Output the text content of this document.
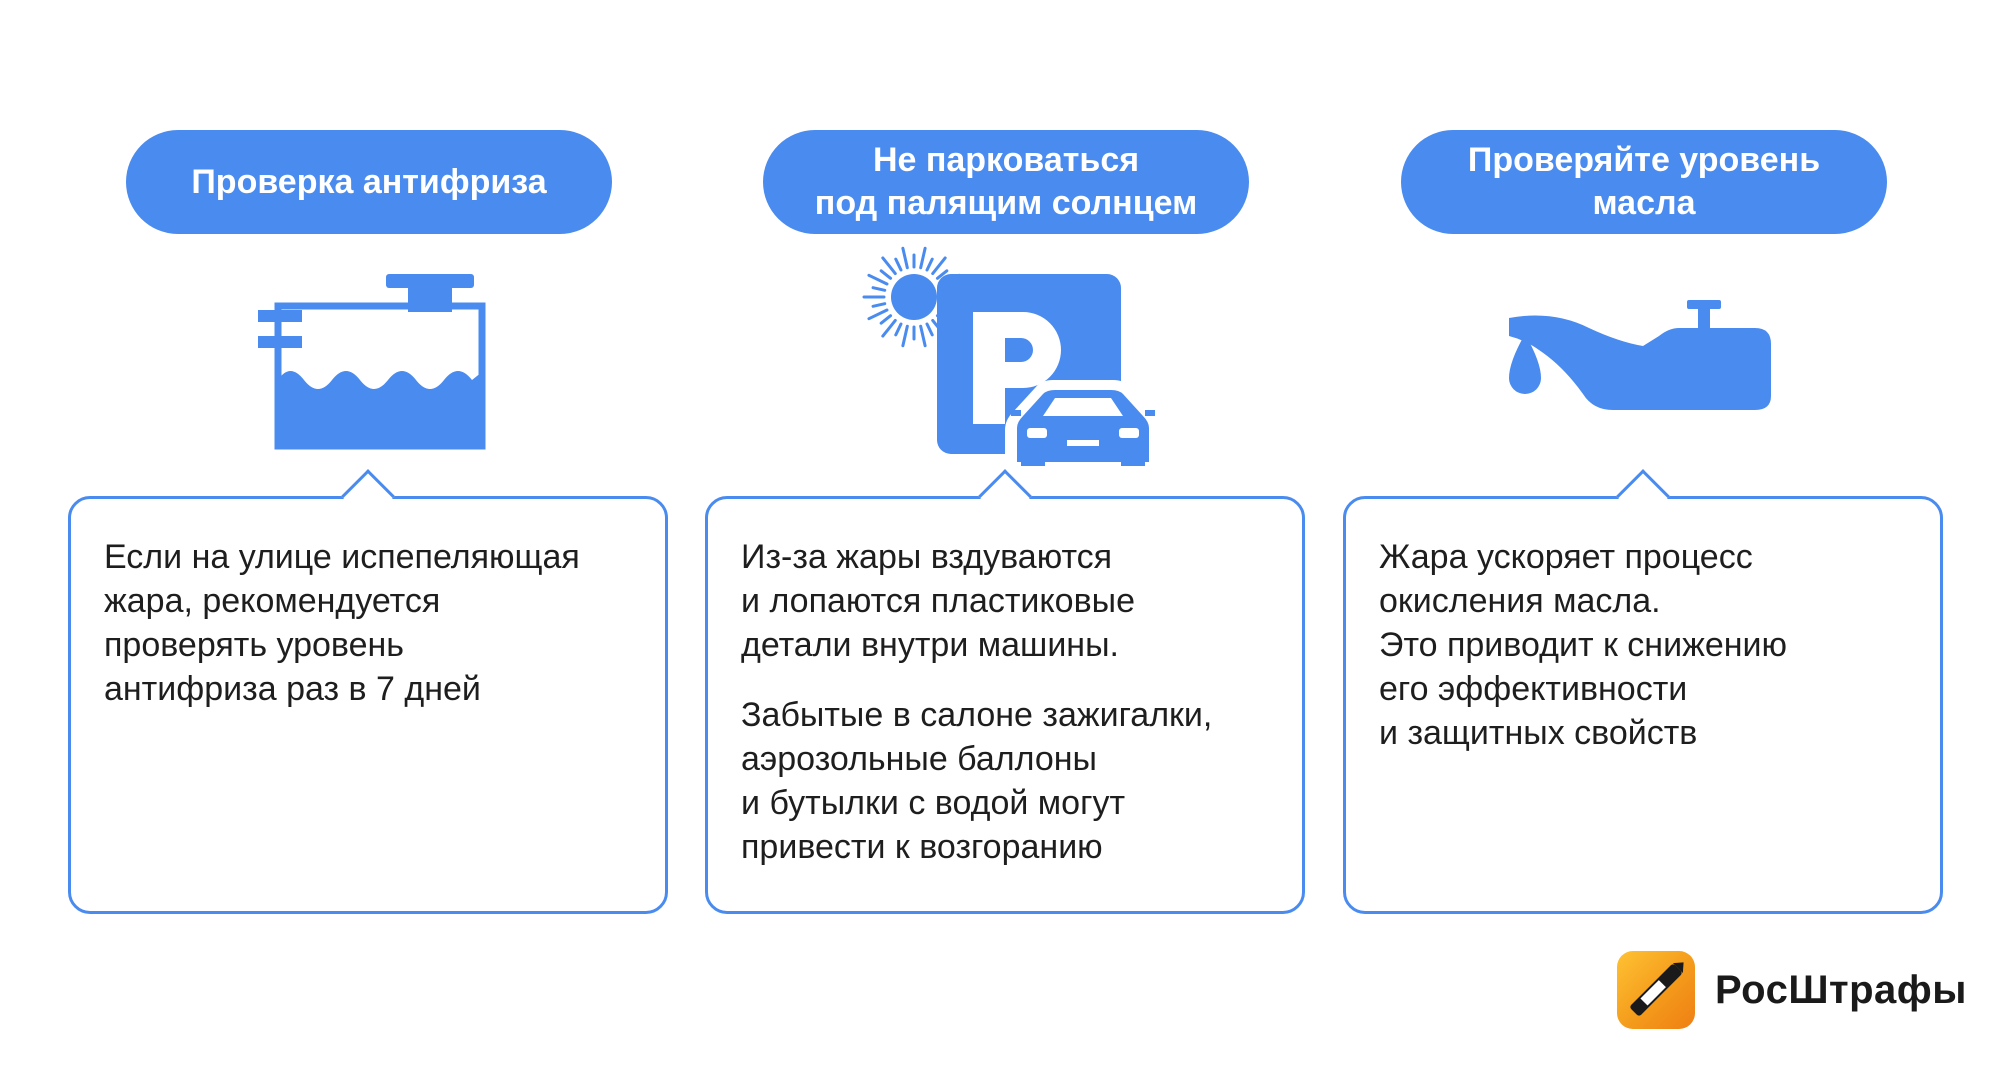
Проверка антифриза

Если на улице испепеляющая
жара, рекомендуется
проверять уровень
антифриза раз в 7 дней

Не парковаться
под палящим солнцем

Из-за жары вздуваются
и лопаются пластиковые
детали внутри машины.

Забытые в салоне зажигалки,
аэрозольные баллоны
и бутылки с водой могут
привести к возгоранию

Проверяйте уровень
масла

Жара ускоряет процесс
окисления масла.
Это приводит к снижению
его эффективности
и защитных свойств

РосШтрафы
